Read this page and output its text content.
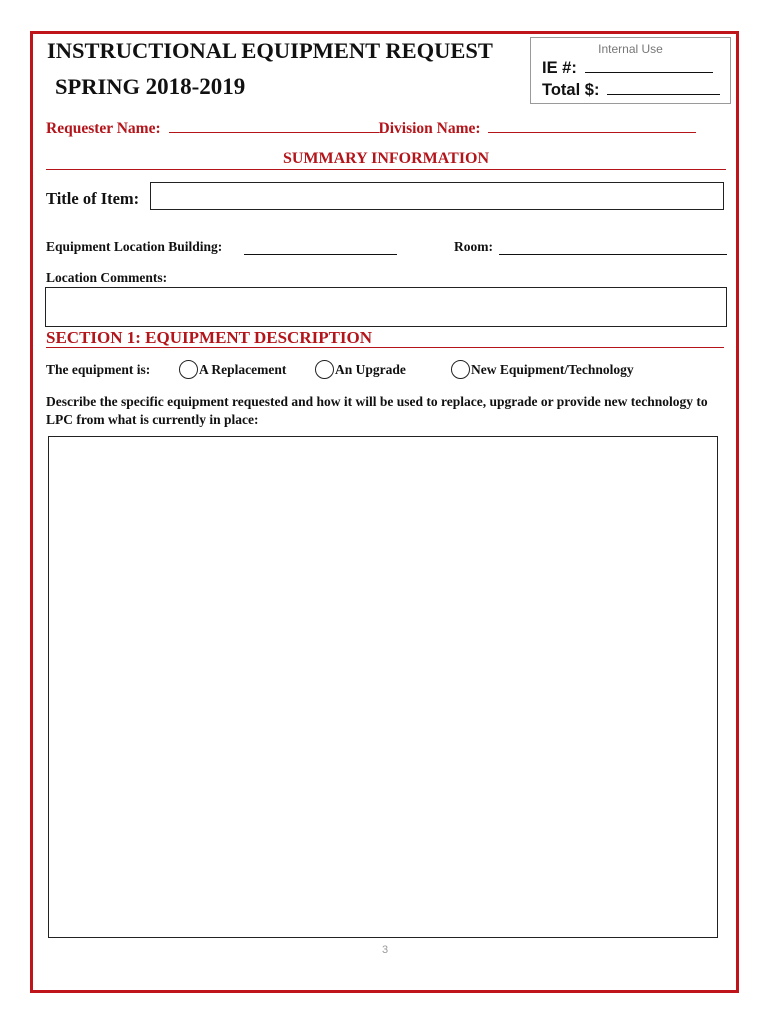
INSTRUCTIONAL EQUIPMENT REQUEST
SPRING 2018-2019
Internal Use
IE #:
Total $:
Requester Name:	Division Name:
SUMMARY INFORMATION
Title of Item:
Equipment Location Building:	Room:
Location Comments:
SECTION 1: EQUIPMENT DESCRIPTION
The equipment is:	A Replacement	An Upgrade	New Equipment/Technology
Describe the specific equipment requested and how it will be used to replace, upgrade or provide new technology to LPC from what is currently in place:
3
